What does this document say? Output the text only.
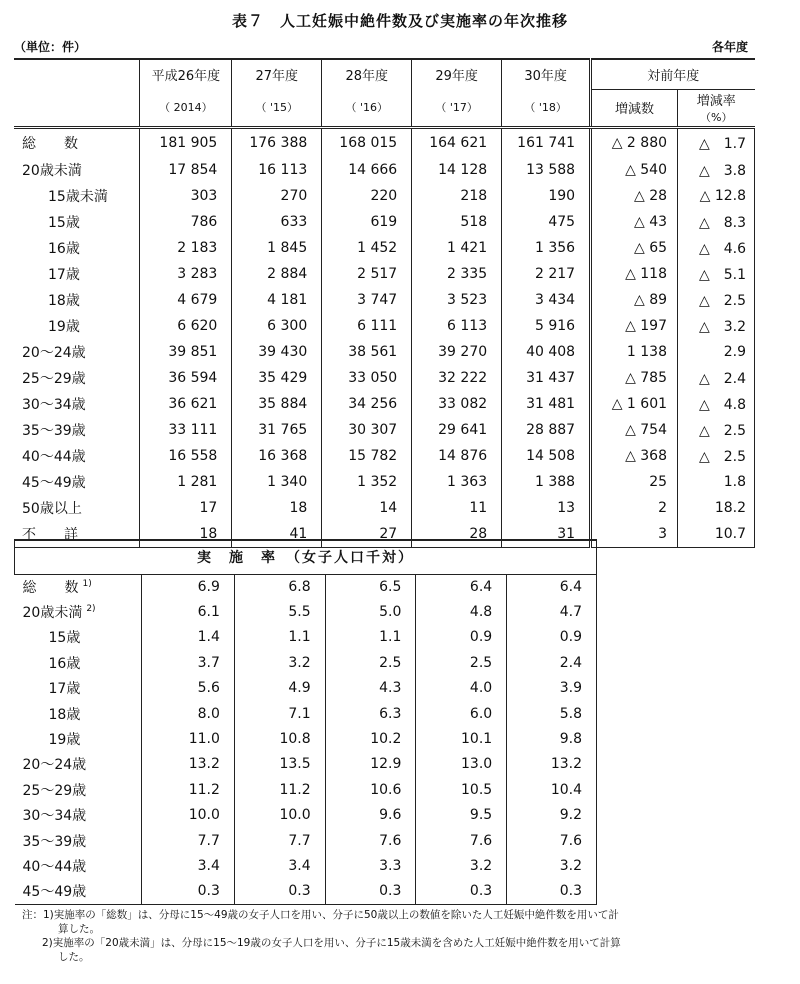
表７　人工妊娠中絶件数及び実施率の年次推移
（単位：件）	各年度
	平成26年度	27年度	28年度	29年度	30年度	対前年度	
	（ 2014）	（ '15）	（ '16）	（ '17）	（ '18）	増減数	増減率
（%）

総　　数	181 905	176 388	168 015	164 621	161 741	△ 2 880	△　1.7
20歳未満	17 854	16 113	14 666	14 128	13 588	△ 540	△　3.8
15歳未満	303	270	220	218	190	△ 28	△ 12.8
15歳	786	633	619	518	475	△ 43	△　8.3
16歳	2 183	1 845	1 452	1 421	1 356	△ 65	△　4.6
17歳	3 283	2 884	2 517	2 335	2 217	△ 118	△　5.1
18歳	4 679	4 181	3 747	3 523	3 434	△ 89	△　2.5
19歳	6 620	6 300	6 111	6 113	5 916	△ 197	△　3.2
20～24歳	39 851	39 430	38 561	39 270	40 408	1 138	2.9
25～29歳	36 594	35 429	33 050	32 222	31 437	△ 785	△　2.4
30～34歳	36 621	35 884	34 256	33 082	31 481	△ 1 601	△　4.8
35～39歳	33 111	31 765	30 307	29 641	28 887	△ 754	△　2.5
40～44歳	16 558	16 368	15 782	14 876	14 508	△ 368	△　2.5
45～49歳	1 281	1 340	1 352	1 363	1 388	25	1.8
50歳以上	17	18	14	11	13	2	18.2
不　　詳	18	41	27	28	31	3	10.7
実　施　率　（女子人口千対）					
総　　数 $^{1)}$	6.9	6.8	6.5	6.4	6.4
20歳未満 $^{2)}$	6.1	5.5	5.0	4.8	4.7
15歳	1.4	1.1	1.1	0.9	0.9
16歳	3.7	3.2	2.5	2.5	2.4
17歳	5.6	4.9	4.3	4.0	3.9
18歳	8.0	7.1	6.3	6.0	5.8
19歳	11.0	10.8	10.2	10.1	9.8
20～24歳	13.2	13.5	12.9	13.0	13.2
25～29歳	11.2	11.2	10.6	10.5	10.4
30～34歳	10.0	10.0	9.6	9.5	9.2
35～39歳	7.7	7.7	7.6	7.6	7.6
40～44歳	3.4	3.4	3.3	3.2	3.2
45～49歳	0.3	0.3	0.3	0.3	0.3
注：1)実施率の「総数」は、分母に15～49歳の女子人口を用い、分子に50歳以上の数値を除いた人工妊娠中絶件数を用いて計
算した。
2)実施率の「20歳未満」は、分母に15～19歳の女子人口を用い、分子に15歳未満を含めた人工妊娠中絶件数を用いて計算
した。
